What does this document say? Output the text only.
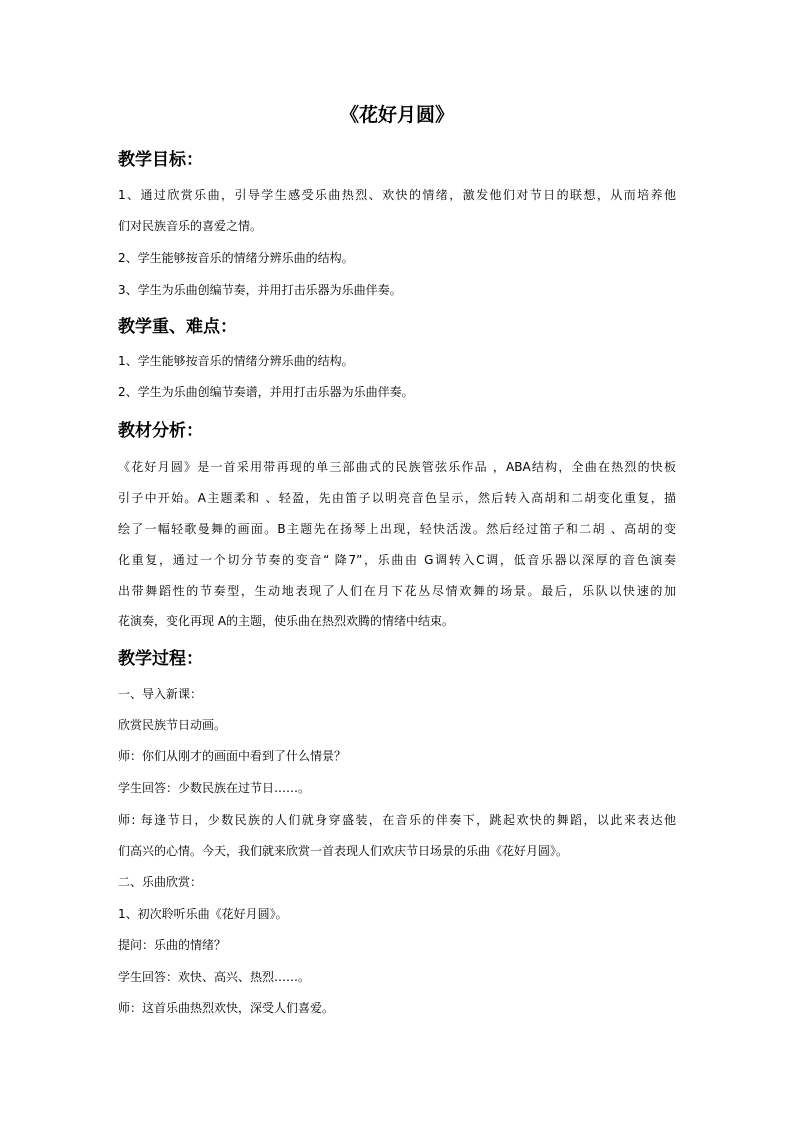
《花好月圆》
教学目标：
1、通过欣赏乐曲，引导学生感受乐曲热烈、欢快的情绪，激发他们对节日的联想，从而培养他
们对民族音乐的喜爱之情。
2、学生能够按音乐的情绪分辨乐曲的结构。
3、学生为乐曲创编节奏，并用打击乐器为乐曲伴奏。
教学重、难点：
1、学生能够按音乐的情绪分辨乐曲的结构。
2、学生为乐曲创编节奏谱，并用打击乐器为乐曲伴奏。
教材分析：
《花好月圆》是一首采用带再现的单三部曲式的民族管弦乐作品 ，ABA结构，全曲在热烈的快板
引子中开始。A主题柔和 、轻盈，先由笛子以明亮音色呈示，然后转入高胡和二胡变化重复，描
绘了一幅轻歌曼舞的画面。B主题先在扬琴上出现，轻快活泼。然后经过笛子和二胡 、高胡的变
化重复，通过一个切分节奏的变音“ 降7”，乐曲由 G调转入C调，低音乐器以深厚的音色演奏
出带舞蹈性的节奏型，生动地表现了人们在月下花丛尽情欢舞的场景。最后，乐队以快速的加
花演奏，变化再现 A的主题，使乐曲在热烈欢腾的情绪中结束。
教学过程：
一、导入新课：
欣赏民族节日动画。
师：你们从刚才的画面中看到了什么情景？
学生回答：少数民族在过节日……。
师: 每逢节日，少数民族的人们就身穿盛装，在音乐的伴奏下，跳起欢快的舞蹈，以此来表达他
们高兴的心情。今天，我们就来欣赏一首表现人们欢庆节日场景的乐曲《花好月圆》。
二、乐曲欣赏：
1、初次聆听乐曲《花好月圆》。
提问：乐曲的情绪？
学生回答：欢快、高兴、热烈……。
师：这首乐曲热烈欢快，深受人们喜爱。
